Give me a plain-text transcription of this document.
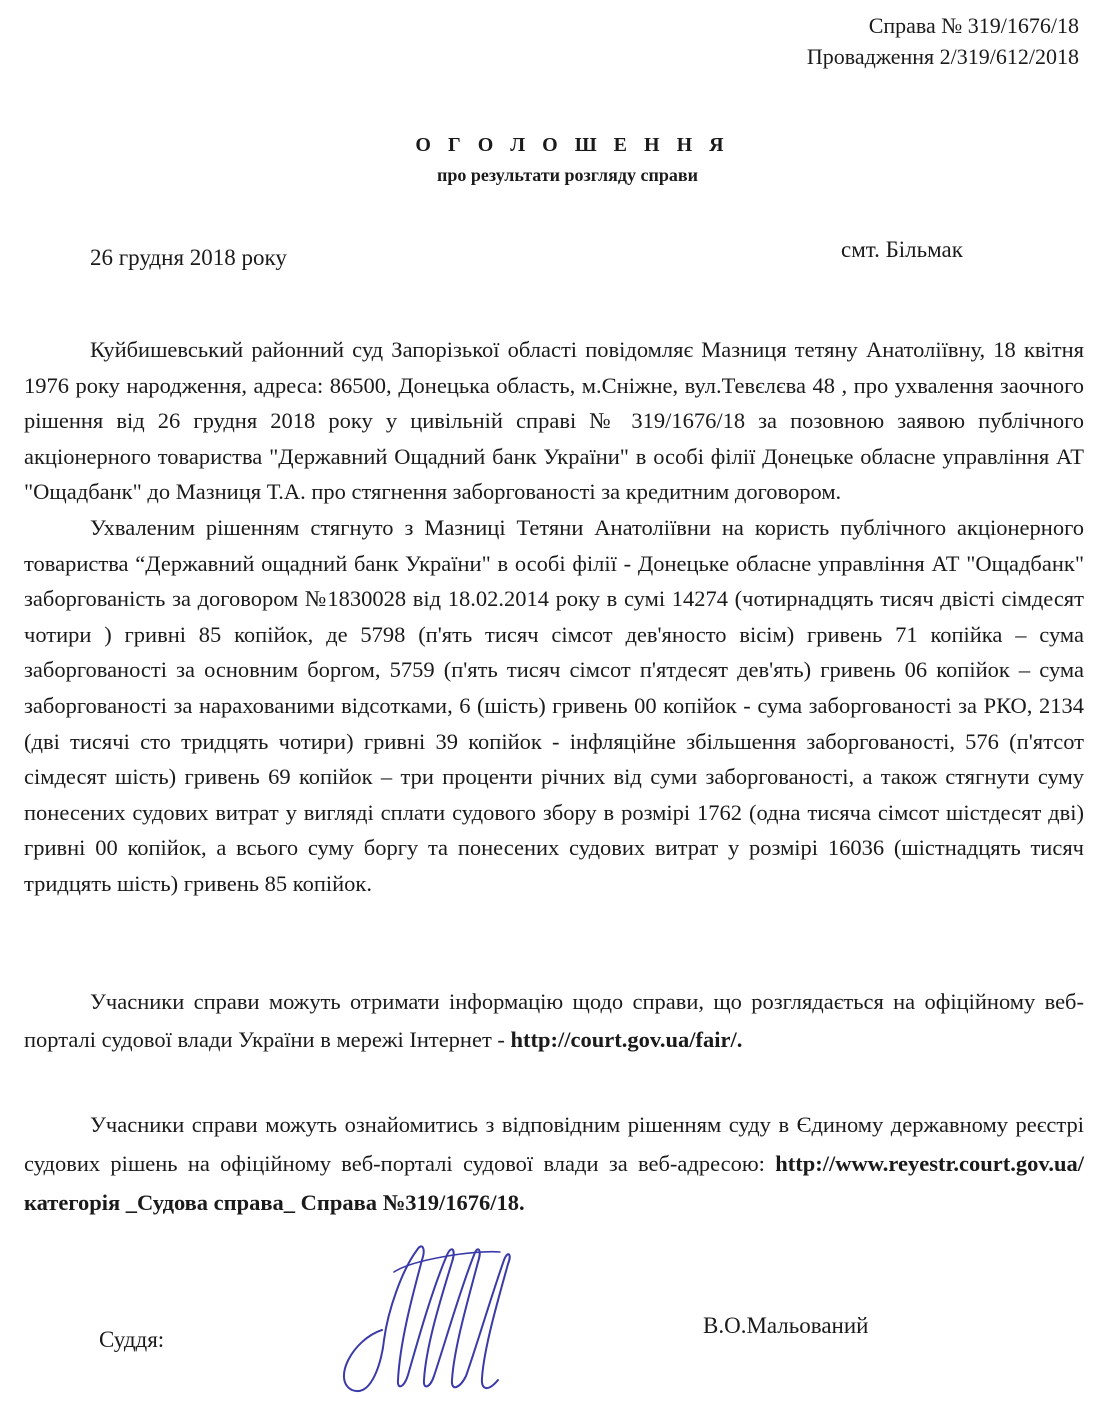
Справа № 319/1676/18
Провадження 2/319/612/2018
О Г О Л О Ш Е Н Н Я
про результати розгляду справи
26 грудня 2018 року	смт. Більмак

Куйбишевський районний суд Запорізької області повідомляє Мазниця тетяну Анатоліївну, 18 квітня 1976 року народження, адреса: 86500, Донецька область, м.Сніжне, вул.Тевєлєва 48 , про ухвалення заочного рішення від 26 грудня 2018 року у цивільній справі № 319/1676/18 за позовною заявою публічного акціонерного товариства "Державний Ощадний банк України" в особі філії Донецьке обласне управління АТ "Ощадбанк" до Мазниця Т.А. про стягнення заборгованості за кредитним договором.

Ухваленим рішенням стягнуто з Мазниці Тетяни Анатоліївни на користь публічного акціонерного товариства “Державний ощадний банк України" в особі філії - Донецьке обласне управління АТ "Ощадбанк" заборгованість за договором №1830028 від 18.02.2014 року в сумі 14274 (чотирнадцять тисяч двісті сімдесят чотири ) гривні 85 копійок, де 5798 (п'ять тисяч сімсот дев'яносто вісім) гривень 71 копійка – сума заборгованості за основним боргом, 5759 (п'ять тисяч сімсот п'ятдесят дев'ять) гривень 06 копійок – сума заборгованості за нарахованими відсотками, 6 (шість) гривень 00 копійок - сума заборгованості за РКО, 2134 (дві тисячі сто тридцять чотири) гривні 39 копійок - інфляційне збільшення заборгованості, 576 (п'ятсот сімдесят шість) гривень 69 копійок – три проценти річних від суми заборгованості, а також стягнути суму понесених судових витрат у вигляді сплати судового збору в розмірі 1762 (одна тисяча сімсот шістдесят дві) гривні 00 копійок, а всього суму боргу та понесених судових витрат у розмірі 16036 (шістнадцять тисяч тридцять шість) гривень 85 копійок.

Учасники справи можуть отримати інформацію щодо справи, що розглядається на офіційному веб-порталі судової влади України в мережі Інтернет - http://court.gov.ua/fair/.

Учасники справи можуть ознайомитись з відповідним рішенням суду в Єдиному державному реєстрі судових рішень на офіційному веб-порталі судової влади за веб-адресою: http://www.reyestr.court.gov.ua/ категорія _Судова справа_ Справа №319/1676/18.

Суддя:
В.О.Мальований
